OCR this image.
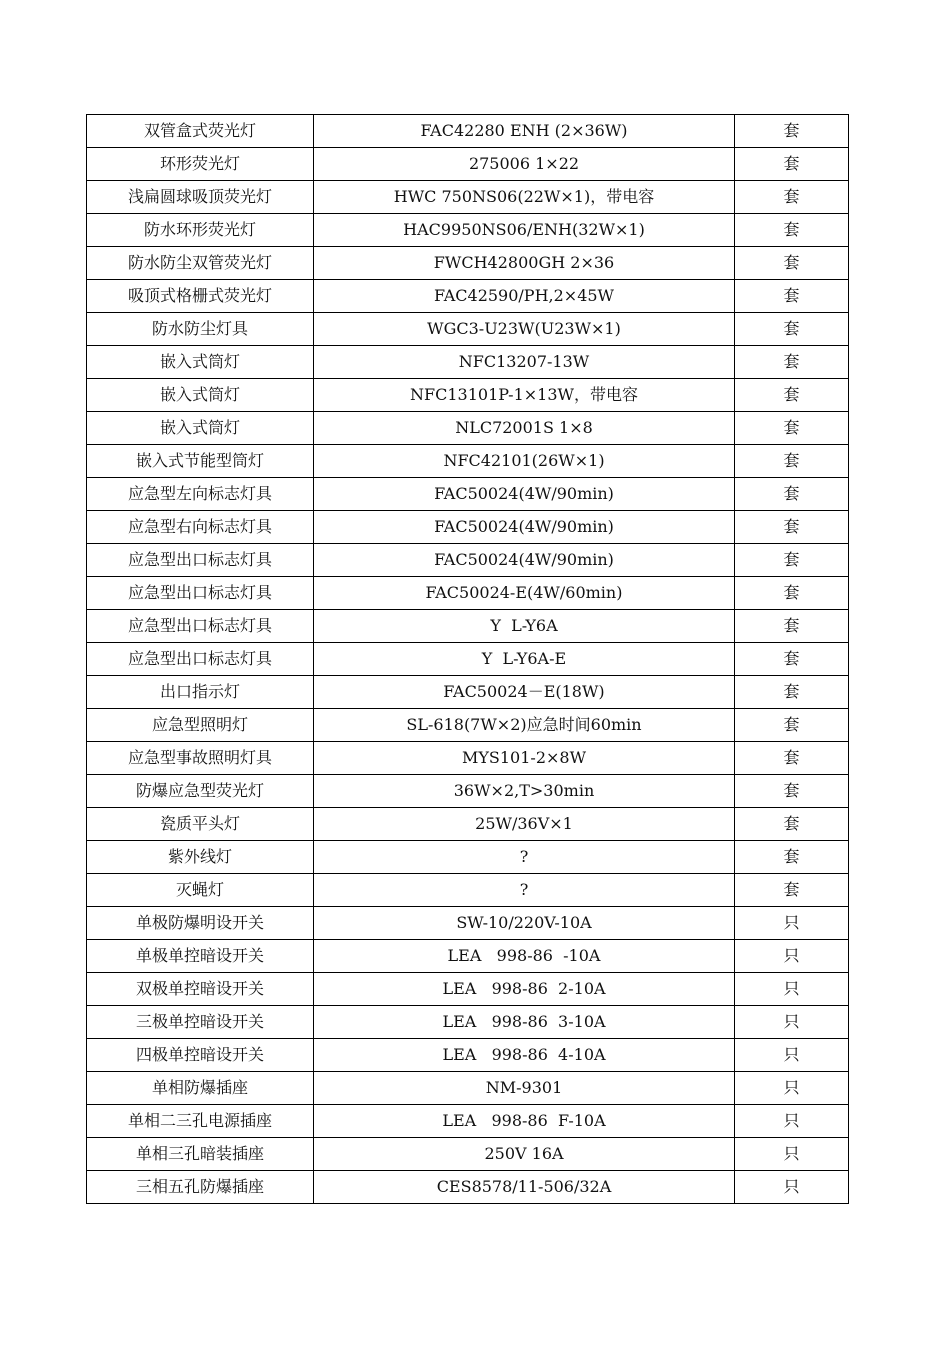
双管盒式荧光灯	FAC42280 ENH (2×36W)	套
环形荧光灯	275006 1×22	套
浅扁圆球吸顶荧光灯	HWC 750NS06(22W×1)，带电容	套
防水环形荧光灯	HAC9950NS06/ENH(32W×1)	套
防水防尘双管荧光灯	FWCH42800GH 2×36	套
吸顶式格栅式荧光灯	FAC42590/PH,2×45W	套
防水防尘灯具	WGC3-U23W(U23W×1)	套
嵌入式筒灯	NFC13207-13W	套
嵌入式筒灯	NFC13101P-1×13W，带电容	套
嵌入式筒灯	NLC72001S 1×8	套
嵌入式节能型筒灯	NFC42101(26W×1)	套
应急型左向标志灯具	FAC50024(4W/90min)	套
应急型右向标志灯具	FAC50024(4W/90min)	套
应急型出口标志灯具	FAC50024(4W/90min)	套
应急型出口标志灯具	FAC50024-E(4W/60min)	套
应急型出口标志灯具	Y  L-Y6A	套
应急型出口标志灯具	Y  L-Y6A-E	套
出口指示灯	FAC50024－E(18W)	套
应急型照明灯	SL-618(7W×2)应急时间60min	套
应急型事故照明灯具	MYS101-2×8W	套
防爆应急型荧光灯	36W×2,T>30min	套
瓷质平头灯	25W/36V×1	套
紫外线灯	?	套
灭蝇灯	?	套
单极防爆明设开关	SW-10/220V-10A	只
单极单控暗设开关	LEA   998-86  -10A	只
双极单控暗设开关	LEA   998-86  2-10A	只
三极单控暗设开关	LEA   998-86  3-10A	只
四极单控暗设开关	LEA   998-86  4-10A	只
单相防爆插座	NM-9301	只
单相二三孔电源插座	LEA   998-86  F-10A	只
单相三孔暗装插座	250V 16A	只
三相五孔防爆插座	CES8578/11-506/32A	只
